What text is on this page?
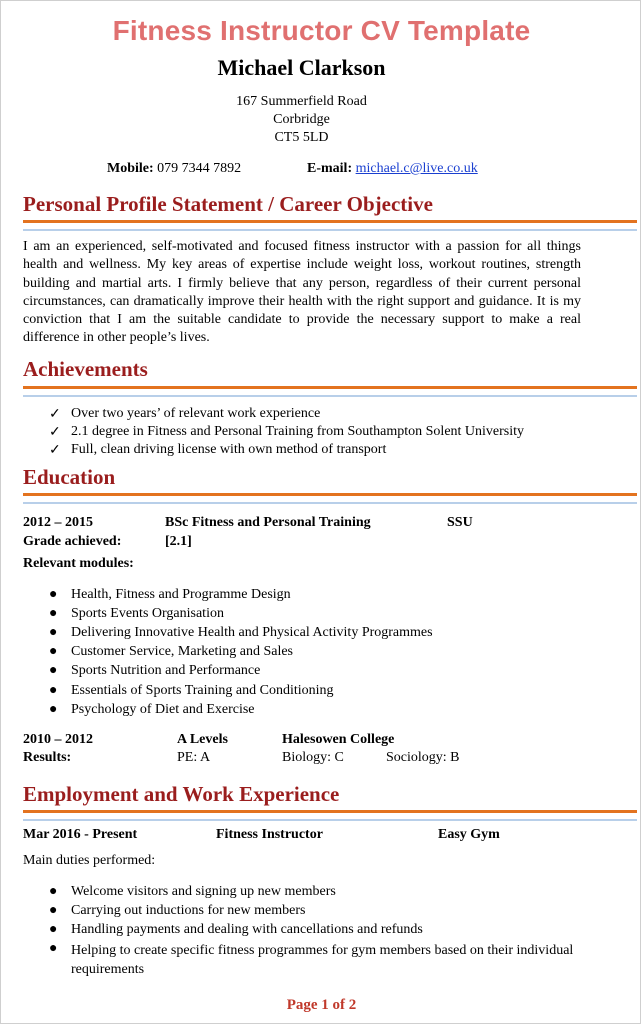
Fitness Instructor CV Template
Michael Clarkson
167 Summerfield Road
Corbridge
CT5 5LD
Mobile: 079 7344 7892	E-mail: michael.c@live.co.uk
Personal Profile Statement / Career Objective
I am an experienced, self-motivated and focused fitness instructor with a passion for all things health and wellness. My key areas of expertise include weight loss, workout routines, strength building and martial arts. I firmly believe that any person, regardless of their current personal circumstances, can dramatically improve their health with the right support and guidance. It is my conviction that I am the suitable candidate to provide the necessary support to make a real difference in other people’s lives.
Achievements
✓ Over two years’ of relevant work experience
✓ 2.1 degree in Fitness and Personal Training from Southampton Solent University
✓ Full, clean driving license with own method of transport
Education
2012 – 2015	BSc Fitness and Personal Training	SSU
Grade achieved:	[2.1]
Relevant modules:
● Health, Fitness and Programme Design
● Sports Events Organisation
● Delivering Innovative Health and Physical Activity Programmes
● Customer Service, Marketing and Sales
● Sports Nutrition and Performance
● Essentials of Sports Training and Conditioning
● Psychology of Diet and Exercise
2010 – 2012	A Levels	Halesowen College
Results:	PE: A	Biology: C	Sociology: B
Employment and Work Experience
Mar 2016 - Present	Fitness Instructor	Easy Gym
Main duties performed:
● Welcome visitors and signing up new members
● Carrying out inductions for new members
● Handling payments and dealing with cancellations and refunds
● Helping to create specific fitness programmes for gym members based on their individual requirements
Page 1 of 2
